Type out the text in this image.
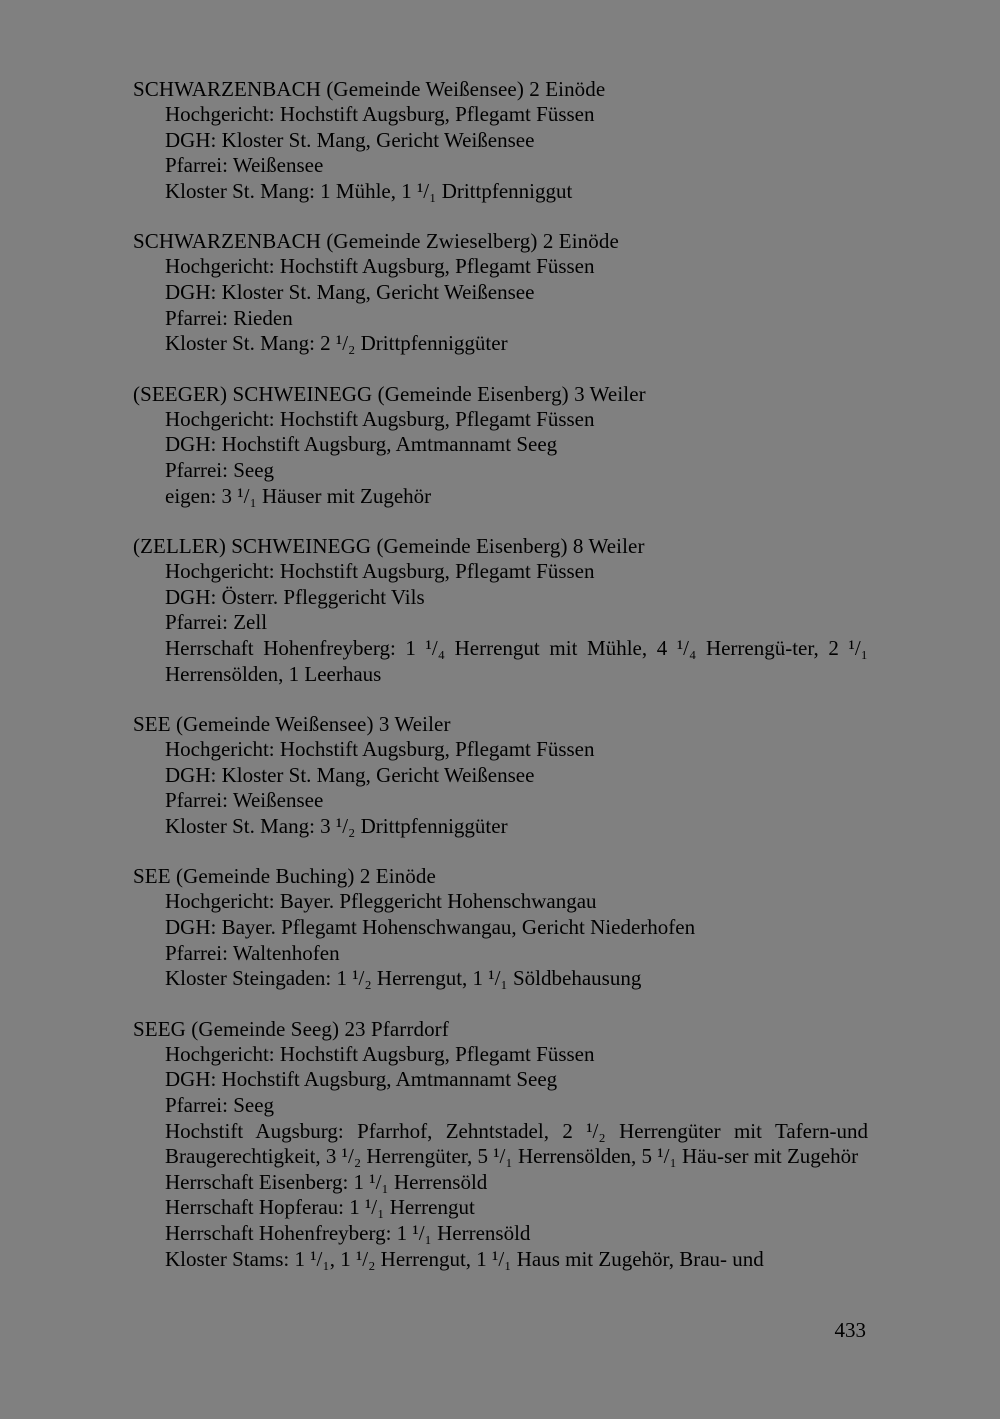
SCHWARZENBACH (Gemeinde Weißensee) 2 Einöde
Hochgericht: Hochstift Augsburg, Pflegamt Füssen
DGH: Kloster St. Mang, Gericht Weißensee
Pfarrei: Weißensee
Kloster St. Mang: 1 Mühle, 1 ¹/₁ Drittpfenniggut
SCHWARZENBACH (Gemeinde Zwieselberg) 2 Einöde
Hochgericht: Hochstift Augsburg, Pflegamt Füssen
DGH: Kloster St. Mang, Gericht Weißensee
Pfarrei: Rieden
Kloster St. Mang: 2 ¹/₂ Drittpfenniggüter
(SEEGER) SCHWEINEGG (Gemeinde Eisenberg) 3 Weiler
Hochgericht: Hochstift Augsburg, Pflegamt Füssen
DGH: Hochstift Augsburg, Amtmannamt Seeg
Pfarrei: Seeg
eigen: 3 ¹/₁ Häuser mit Zugehör
(ZELLER) SCHWEINEGG (Gemeinde Eisenberg) 8 Weiler
Hochgericht: Hochstift Augsburg, Pflegamt Füssen
DGH: Österr. Pfleggericht Vils
Pfarrei: Zell
Herrschaft Hohenfreyberg: 1 ¹/₄ Herrengut mit Mühle, 4 ¹/₄ Herrengü-ter, 2 ¹/₁ Herrensölden, 1 Leerhaus
SEE (Gemeinde Weißensee) 3 Weiler
Hochgericht: Hochstift Augsburg, Pflegamt Füssen
DGH: Kloster St. Mang, Gericht Weißensee
Pfarrei: Weißensee
Kloster St. Mang: 3 ¹/₂ Drittpfenniggüter
SEE (Gemeinde Buching) 2 Einöde
Hochgericht: Bayer. Pfleggericht Hohenschwangau
DGH: Bayer. Pflegamt Hohenschwangau, Gericht Niederhofen
Pfarrei: Waltenhofen
Kloster Steingaden: 1 ¹/₂ Herrengut, 1 ¹/₁ Söldbehausung
SEEG (Gemeinde Seeg) 23 Pfarrdorf
Hochgericht: Hochstift Augsburg, Pflegamt Füssen
DGH: Hochstift Augsburg, Amtmannamt Seeg
Pfarrei: Seeg
Hochstift Augsburg: Pfarrhof, Zehntstadel, 2 ¹/₂ Herrengüter mit Tafern-und Braugerechtigkeit, 3 ¹/₂ Herrengüter, 5 ¹/₁ Herrensölden, 5 ¹/₁ Häu-ser mit Zugehör
Herrschaft Eisenberg: 1 ¹/₁ Herrensöld
Herrschaft Hopferau: 1 ¹/₁ Herrengut
Herrschaft Hohenfreyberg: 1 ¹/₁ Herrensöld
Kloster Stams: 1 ¹/₁, 1 ¹/₂ Herrengut, 1 ¹/₁ Haus mit Zugehör, Brau- und
433
